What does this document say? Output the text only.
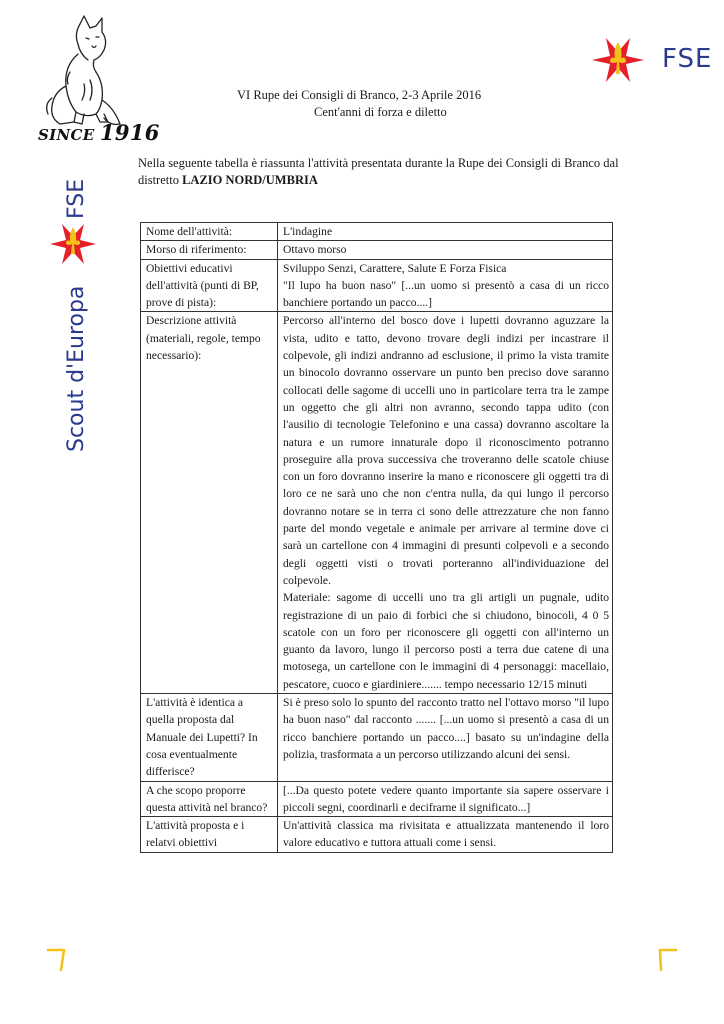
SINCE 1916
FSE
FSE
Scout d'Europa
VI Rupe dei Consigli di Branco, 2-3 Aprile 2016
Cent'anni di forza e diletto
Nella seguente tabella è riassunta l'attività presentata durante la Rupe dei Consigli di Branco dal distretto LAZIO NORD/UMBRIA
Nome dell'attività:	L'indagine
Morso di riferimento:	Ottavo morso
Obiettivi educativi dell'attività (punti di BP, prove di pista):	Sviluppo Senzi, Carattere, Salute E Forza Fisica
"Il lupo ha buon naso" [...un uomo si presentò a casa di un ricco banchiere portando un pacco....]

Descrizione attività (materiali, regole, tempo necessario):	Percorso all'interno del bosco dove i lupetti dovranno aguzzare la vista, udito e tatto, devono trovare degli indizi per incastrare il colpevole, gli indizi andranno ad esclusione, il primo la vista tramite un binocolo dovranno osservare un punto ben preciso dove saranno collocati delle sagome di uccelli uno in particolare terra tra le zampe un oggetto che gli altri non avranno, secondo tappa udito (con l'ausilio di tecnologie Telefonino e una cassa) dovranno ascoltare la natura e un rumore innaturale dopo il riconoscimento potranno proseguire alla prova successiva che troveranno delle scatole chiuse con un foro dovranno inserire la mano e riconoscere gli oggetti tra di loro ce ne sarà uno che non c'entra nulla, da qui lungo il percorso dovranno notare se in terra ci sono delle attrezzature che non fanno parte del mondo vegetale e animale per arrivare al termine dove ci sarà un cartellone con 4 immagini di presunti colpevoli e a secondo degli oggetti visti o trovati porteranno all'individuazione del colpevole.
Materiale: sagome di uccelli uno tra gli artigli un pugnale, udito registrazione di un paio di forbici che si chiudono, binocoli, 4 0 5 scatole con un foro per riconoscere gli oggetti con all'interno un guanto da lavoro, lungo il percorso posti a terra due catene di una motosega, un cartellone con le immagini di 4 personaggi: macellaio, pescatore, cuoco e giardiniere....... tempo necessario 12/15 minuti

L'attività è identica a quella proposta dal Manuale dei Lupetti? In cosa eventualmente differisce?	Si è preso solo lo spunto del racconto tratto nel l'ottavo morso "il lupo ha buon naso" dal racconto ....... [...un uomo si presentò a casa di un ricco banchiere portando un pacco....] basato su un'indagine della polizia, trasformata a un percorso utilizzando alcuni dei sensi.
A che scopo proporre questa attività nel branco?	[...Da questo potete vedere quanto importante sia sapere osservare i piccoli segni, coordinarli e decifrarne il significato...]
L'attività proposta e i relatvi obiettivi	Un'attività classica ma rivisitata e attualizzata mantenendo il loro valore educativo e tuttora attuali come i sensi.
